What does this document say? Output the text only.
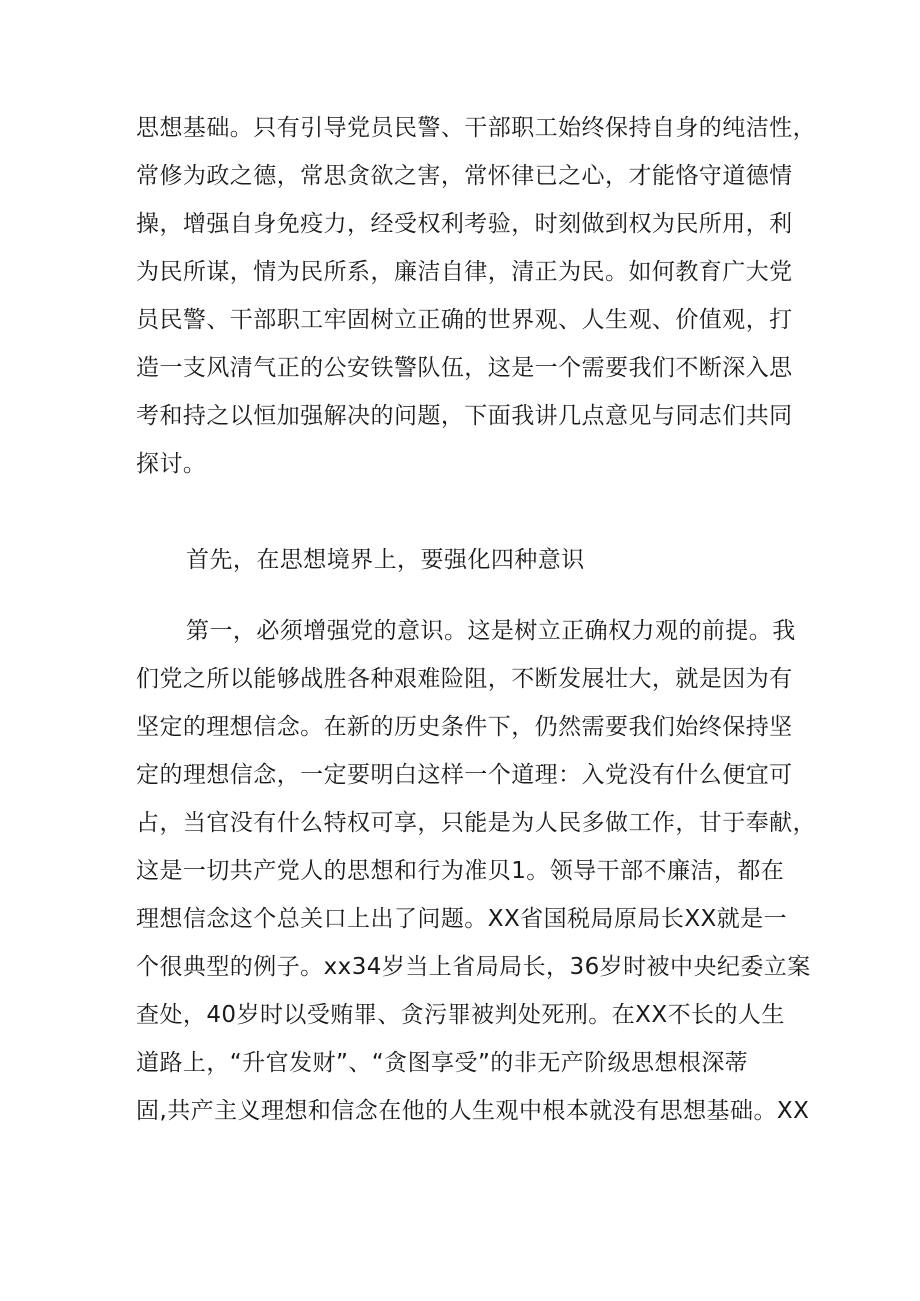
思想基础。只有引导党员民警、干部职工始终保持自身的纯洁性，
常修为政之德，常思贪欲之害，常怀律已之心，才能恪守道德情
操，增强自身免疫力，经受权利考验，时刻做到权为民所用，利
为民所谋，情为民所系，廉洁自律，清正为民。如何教育广大党
员民警、干部职工牢固树立正确的世界观、人生观、价值观，打
造一支风清气正的公安铁警队伍，这是一个需要我们不断深入思
考和持之以恒加强解决的问题，下面我讲几点意见与同志们共同
探讨。
首先，在思想境界上，要强化四种意识
第一，必须增强党的意识。这是树立正确权力观的前提。我
们党之所以能够战胜各种艰难险阻，不断发展壮大，就是因为有
坚定的理想信念。在新的历史条件下，仍然需要我们始终保持坚
定的理想信念，一定要明白这样一个道理：入党没有什么便宜可
占，当官没有什么特权可享，只能是为人民多做工作，甘于奉献，
这是一切共产党人的思想和行为准贝1。领导干部不廉洁，都在
理想信念这个总关口上出了问题。XX省国税局原局长XX就是一
个很典型的例子。xx34岁当上省局局长，36岁时被中央纪委立案
查处，40岁时以受贿罪、贪污罪被判处死刑。在XX不长的人生
道路上，“升官发财”、“贪图享受”的非无产阶级思想根深蒂
固,共产主义理想和信念在他的人生观中根本就没有思想基础。XX
